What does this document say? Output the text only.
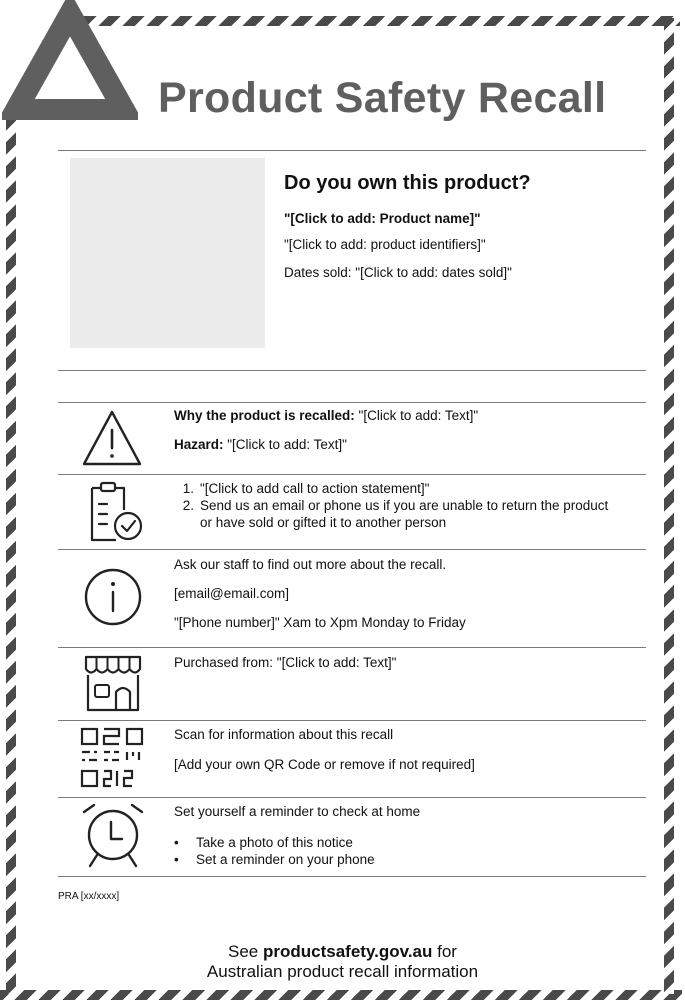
Product Safety Recall
Do you own this product?
"[Click to add: Product name]"
"[Click to add: product identifiers]"
Dates sold: "[Click to add: dates sold]"
Why the product is recalled: "[Click to add: Text]"
Hazard: "[Click to add: Text]"
1. "[Click to add call to action statement]"
2. Send us an email or phone us if you are unable to return the product
or have sold or gifted it to another person
Ask our staff to find out more about the recall.
[email@email.com]
"[Phone number]" Xam to Xpm Monday to Friday
Purchased from: "[Click to add: Text]"
Scan for information about this recall
[Add your own QR Code or remove if not required]
Set yourself a reminder to check at home
• Take a photo of this notice
• Set a reminder on your phone
PRA [xx/xxxx]
See productsafety.gov.au for
Australian product recall information
